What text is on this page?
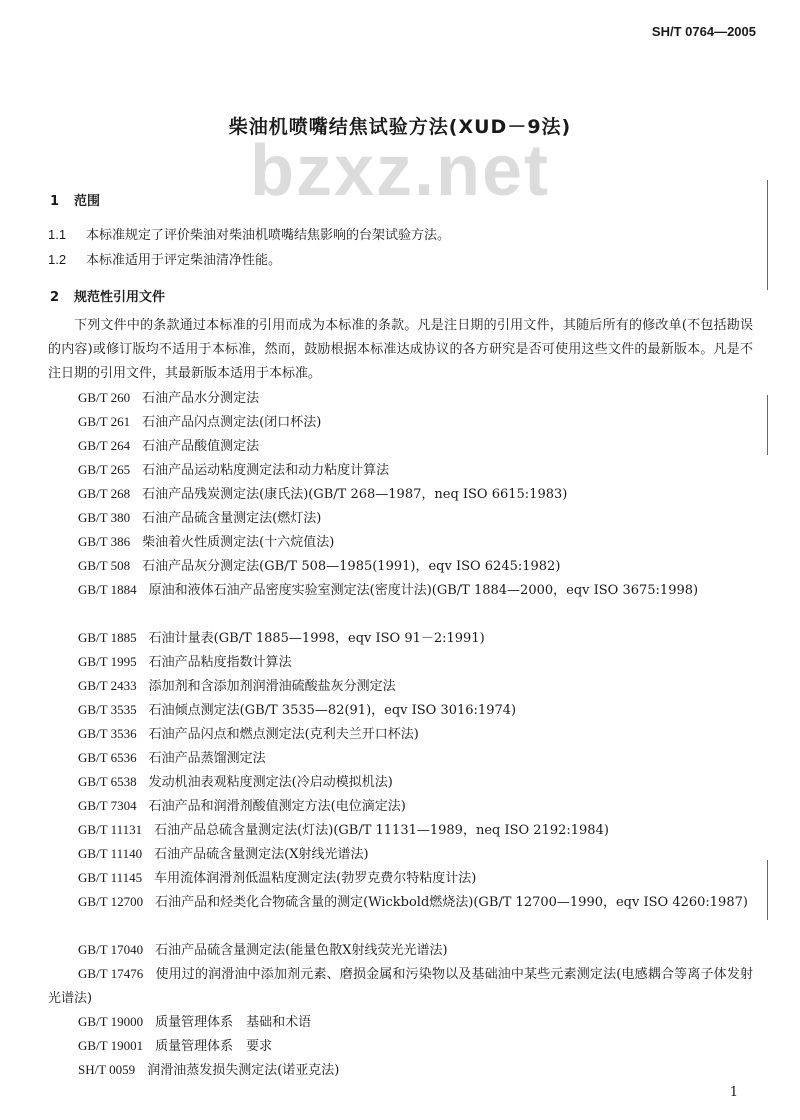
SH/T 0764—2005
bzxz.net
柴油机喷嘴结焦试验方法(XUD－9法)
1 范围
1.1 本标准规定了评价柴油对柴油机喷嘴结焦影响的台架试验方法。
1.2 本标准适用于评定柴油清净性能。
2 规范性引用文件
下列文件中的条款通过本标准的引用而成为本标准的条款。凡是注日期的引用文件，其随后所有的修改单(不包括勘误的内容)或修订版均不适用于本标准，然而，鼓励根据本标准达成协议的各方研究是否可使用这些文件的最新版本。凡是不注日期的引用文件，其最新版本适用于本标准。
GB/T 260 石油产品水分测定法
GB/T 261 石油产品闪点测定法(闭口杯法)
GB/T 264 石油产品酸值测定法
GB/T 265 石油产品运动粘度测定法和动力粘度计算法
GB/T 268 石油产品残炭测定法(康氏法)(GB/T 268—1987，neq ISO 6615:1983)
GB/T 380 石油产品硫含量测定法(燃灯法)
GB/T 386 柴油着火性质测定法(十六烷值法)
GB/T 508 石油产品灰分测定法(GB/T 508—1985(1991)，eqv ISO 6245:1982)
GB/T 1884 原油和液体石油产品密度实验室测定法(密度计法)(GB/T 1884—2000，eqv ISO 3675:1998)
GB/T 1885 石油计量表(GB/T 1885—1998，eqv ISO 91－2:1991)
GB/T 1995 石油产品粘度指数计算法
GB/T 2433 添加剂和含添加剂润滑油硫酸盐灰分测定法
GB/T 3535 石油倾点测定法(GB/T 3535—82(91)，eqv ISO 3016:1974)
GB/T 3536 石油产品闪点和燃点测定法(克利夫兰开口杯法)
GB/T 6536 石油产品蒸馏测定法
GB/T 6538 发动机油表观粘度测定法(冷启动模拟机法)
GB/T 7304 石油产品和润滑剂酸值测定方法(电位滴定法)
GB/T 11131 石油产品总硫含量测定法(灯法)(GB/T 11131—1989，neq ISO 2192:1984)
GB/T 11140 石油产品硫含量测定法(X射线光谱法)
GB/T 11145 车用流体润滑剂低温粘度测定法(勃罗克费尔特粘度计法)
GB/T 12700 石油产品和烃类化合物硫含量的测定(Wickbold燃烧法)(GB/T 12700—1990，eqv ISO 4260:1987)
GB/T 17040 石油产品硫含量测定法(能量色散X射线荧光光谱法)
GB/T 17476 使用过的润滑油中添加剂元素、磨损金属和污染物以及基础油中某些元素测定法(电感耦合等离子体发射光谱法)
GB/T 19000 质量管理体系　基础和术语
GB/T 19001 质量管理体系　要求
SH/T 0059 润滑油蒸发损失测定法(诺亚克法)
1
